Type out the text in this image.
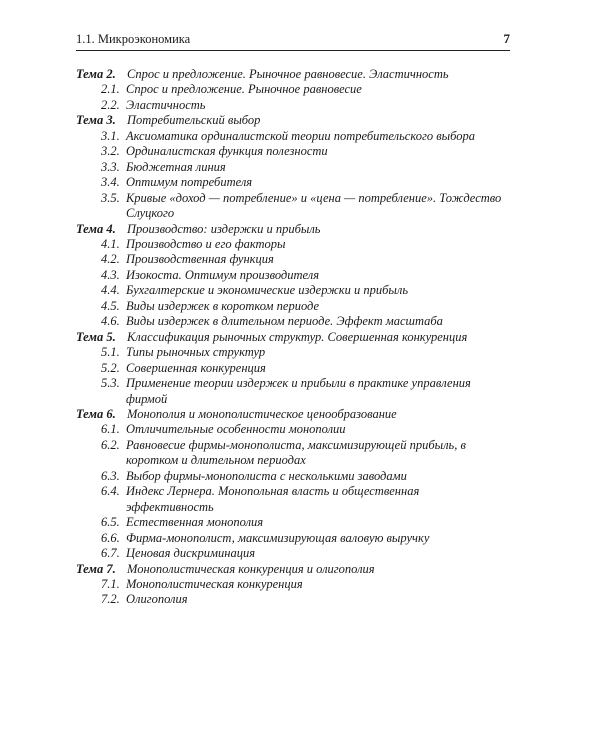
1.1. Микроэкономика	7
Тема 2. Спрос и предложение. Рыночное равновесие. Эластичность
2.1. Спрос и предложение. Рыночное равновесие
2.2. Эластичность
Тема 3. Потребительский выбор
3.1. Аксиоматика ординалистской теории потребительского выбора
3.2. Ординалистская функция полезности
3.3. Бюджетная линия
3.4. Оптимум потребителя
3.5. Кривые «доход — потребление» и «цена — потребление». Тождество Слуцкого
Тема 4. Производство: издержки и прибыль
4.1. Производство и его факторы
4.2. Производственная функция
4.3. Изокоста. Оптимум производителя
4.4. Бухгалтерские и экономические издержки и прибыль
4.5. Виды издержек в коротком периоде
4.6. Виды издержек в длительном периоде. Эффект масштаба
Тема 5. Классификация рыночных структур. Совершенная конкуренция
5.1. Типы рыночных структур
5.2. Совершенная конкуренция
5.3. Применение теории издержек и прибыли в практике управления фирмой
Тема 6. Монополия и монополистическое ценообразование
6.1. Отличительные особенности монополии
6.2. Равновесие фирмы-монополиста, максимизирующей прибыль, в коротком и длительном периодах
6.3. Выбор фирмы-монополиста с несколькими заводами
6.4. Индекс Лернера. Монопольная власть и общественная эффективность
6.5. Естественная монополия
6.6. Фирма-монополист, максимизирующая валовую выручку
6.7. Ценовая дискриминация
Тема 7. Монополистическая конкуренция и олигополия
7.1. Монополистическая конкуренция
7.2. Олигополия
